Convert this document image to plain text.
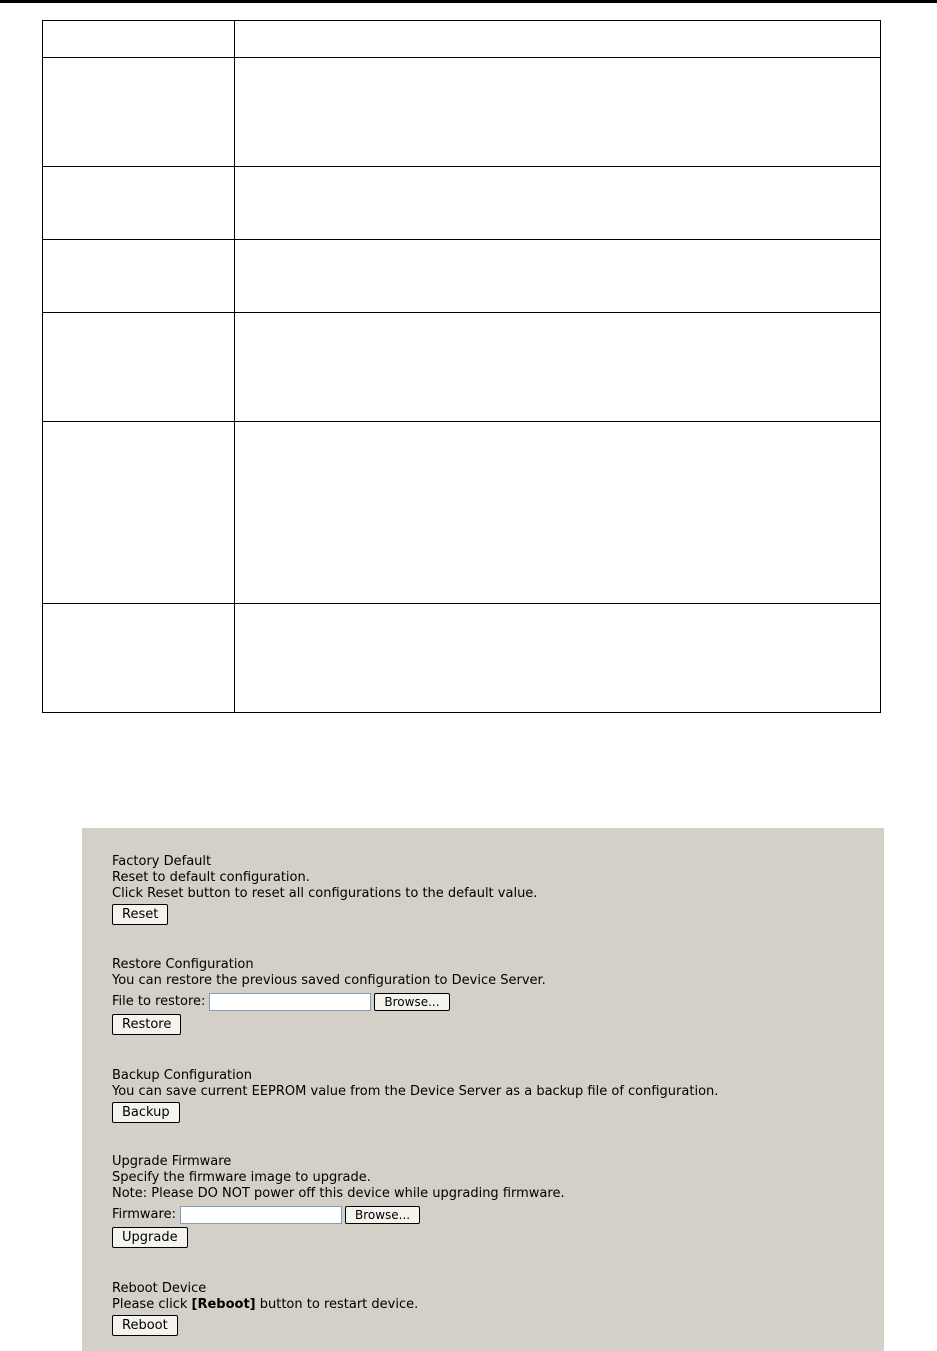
Factory Default
Reset to default configuration.
Click Reset button to reset all configurations to the default value.
Reset
Restore Configuration
You can restore the previous saved configuration to Device Server.
File to restore:	Browse...
Restore
Backup Configuration
You can save current EEPROM value from the Device Server as a backup file of configuration.
Backup
Upgrade Firmware
Specify the firmware image to upgrade.
Note: Please DO NOT power off this device while upgrading firmware.
Firmware:	Browse...
Upgrade
Reboot Device
Please click [Reboot] button to restart device.
Reboot
